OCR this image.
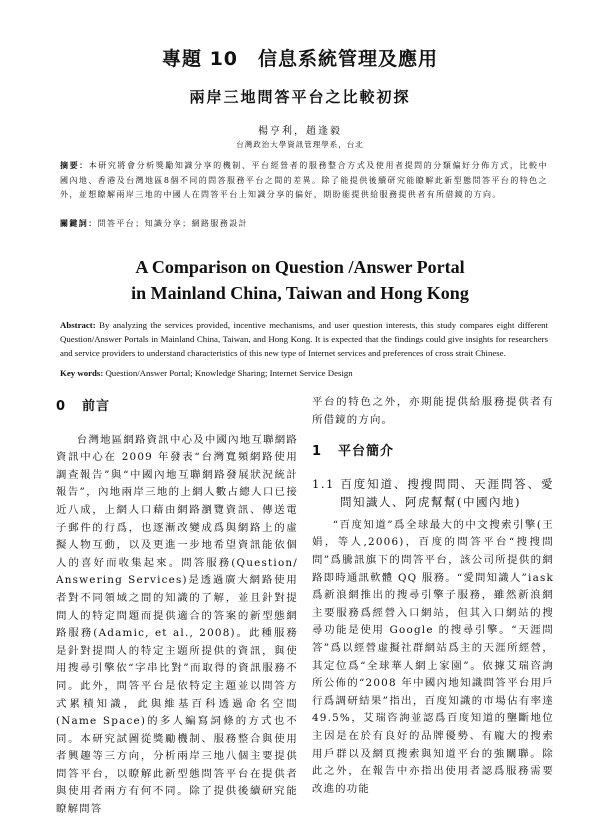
專題 10 信息系統管理及應用
兩岸三地問答平台之比較初探
楊亨利，趙逢毅
台灣政治大學資訊管理學系，台北
摘要：本研究將會分析獎勵知識分享的機制、平台經營者的服務整合方式及使用者提問的分類偏好分佈方式，比較中國內地、香港及台灣地區8個不同的問答服務平台之間的差異。除了能提供後續研究能瞭解此新型態問答平台的特色之外，並想瞭解兩岸三地的中國人在問答平台上知識分享的偏好，期盼能提供給服務提供者有所借鏡的方向。
關鍵詞：問答平台；知識分享；網路服務設計
A Comparison on Question /Answer Portal
in Mainland China, Taiwan and Hong Kong
Abstract: By analyzing the services provided, incentive mechanisms, and user question interests, this study compares eight different Question/Answer Portals in Mainland China, Taiwan, and Hong Kong. It is expected that the findings could give insights for researchers and service providers to understand characteristics of this new type of Internet services and preferences of cross strait Chinese.
Key words: Question/Answer Portal; Knowledge Sharing; Internet Service Design
0 前言

台灣地區網路資訊中心及中國內地互聯網路資訊中心在 2009 年發表“台灣寬頻網路使用調查報告”與“中國內地互聯網路發展狀況統計報告”，內地兩岸三地的上網人數占總人口已接近八成，上網人口藉由網路瀏覽資訊、傳送電子郵件的行爲，也逐漸改變成爲與網路上的虛擬人物互動，以及更進一步地希望資訊能依個人的喜好而收集起來。問答服務(Question/ Answering Services)是透過廣大網路使用者對不同領域之間的知識的了解，並且針對提問人的特定問題而提供適合的答案的新型態網路服務(Adamic, et al., 2008)。此種服務是針對提問人的特定主題所提供的資訊，與使用搜尋引擎依“字串比對”而取得的資訊服務不同。此外，問答平台是依特定主題並以問答方式累積知識，此與維基百科透過命名空間(Name Space)的多人編寫詞條的方式也不同。本研究試圖從獎勵機制、服務整合與使用者興趣等三方向，分析兩岸三地八個主要提供問答平台，以瞭解此新型態問答平台在提供者與使用者兩方有何不同。除了提供後續研究能瞭解問答

平台的特色之外，亦期能提供給服務提供者有所借鏡的方向。

1 平台簡介
1.1 百度知道、搜搜問問、天涯問答、愛問知識人、阿虎幫幫(中國內地)

“百度知道”爲全球最大的中文搜索引擎(王娟，等人,2006)，百度的問答平台“搜搜問問”爲騰訊旗下的問答平台，該公司所提供的網路即時通訊軟體 QQ 服務。“愛問知識人”iask 爲新浪網推出的搜尋引擎子服務，雖然新浪網主要服務爲經營入口網站，但其入口網站的搜尋功能是使用 Google 的搜尋引擎。“天涯問答”爲以經營虛擬社群網站爲主的天涯所經營，其定位爲“全球華人網上家園”。依據艾瑞咨詢所公佈的“2008 年中國內地知識問答平台用戶行爲調研結果”指出，百度知識的市場佔有率達 49.5%，艾瑞咨詢並認爲百度知道的壟斷地位主因是在於有良好的品牌優勢、有龐大的搜索用戶群以及網頁搜索與知道平台的強關聯。除此之外，在報告中亦指出使用者認爲服務需要改進的功能
